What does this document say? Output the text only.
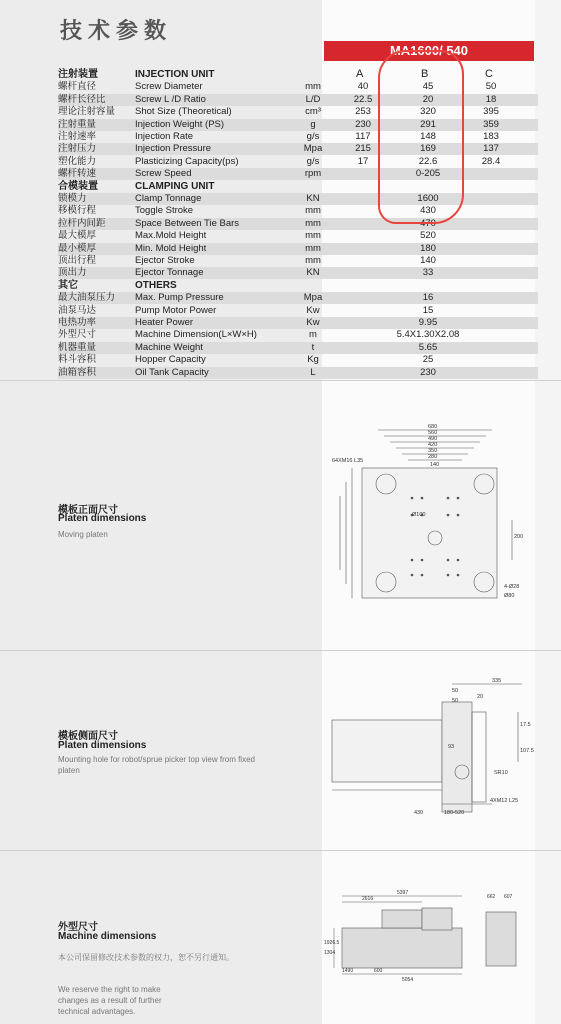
技术参数
MA1600/ 540
A	B	C
注射装置	INJECTION UNIT
螺杆直径	Screw Diameter	mm	40	45	50
螺杆长径比	Screw L /D Ratio	L/D	22.5	20	18
理论注射容量 Shot Size (Theoretical)	cm³	253	320	395
注射重量	Injection Weight (PS)	g	230	291	359
注射速率	Injection Rate	g/s	117	148	183
注射压力	Injection Pressure	Mpa	215	169	137
塑化能力	Plasticizing Capacity(ps)	g/s	17	22.6	28.4
螺杆转速	Screw Speed	rpm	0-205
合模装置	CLAMPING UNIT
锁模力	Clamp Tonnage	KN	1600
移模行程	Toggle Stroke	mm	430
拉杆内间距	Space Between Tie Bars	mm	470
最大模厚	Max.Mold Height	mm	520
最小模厚	Min. Mold Height	mm	180
顶出行程	Ejector Stroke	mm	140
顶出力	Ejector Tonnage	KN	33
其它	OTHERS
最大油泵压力 Max. Pump Pressure	Mpa	16
油泵马达	Pump Motor Power	Kw	15
电热功率	Heater Power	Kw	9.95
外型尺寸	Machine Dimension(L×W×H)	m	5.4X1.30X2.08
机器重量	Machine Weight	t	5.65
料斗容积	Hopper Capacity	Kg	25
油箱容积	Oil Tank Capacity	L	230
模板正面尺寸
Platen dimensions
Moving platen
680
560
490
420
350
280
140
64XM16 L35
Ø100
200
4-Ø28
Ø80
模板侧面尺寸
Platen dimensions
Mounting hole for robot/sprue picker top view from fixed platen
335
50
20
50
17.5
107.5
SR10
4XM12 L25
430	180-520
93
外型尺寸
Machine dimensions
本公司保留修改技术参数的权力，恕不另行通知。
We reserve the right to make changes as a result of further technical advantages.
5397
2616
1490	600
5054
1926.5
1304
662 607
